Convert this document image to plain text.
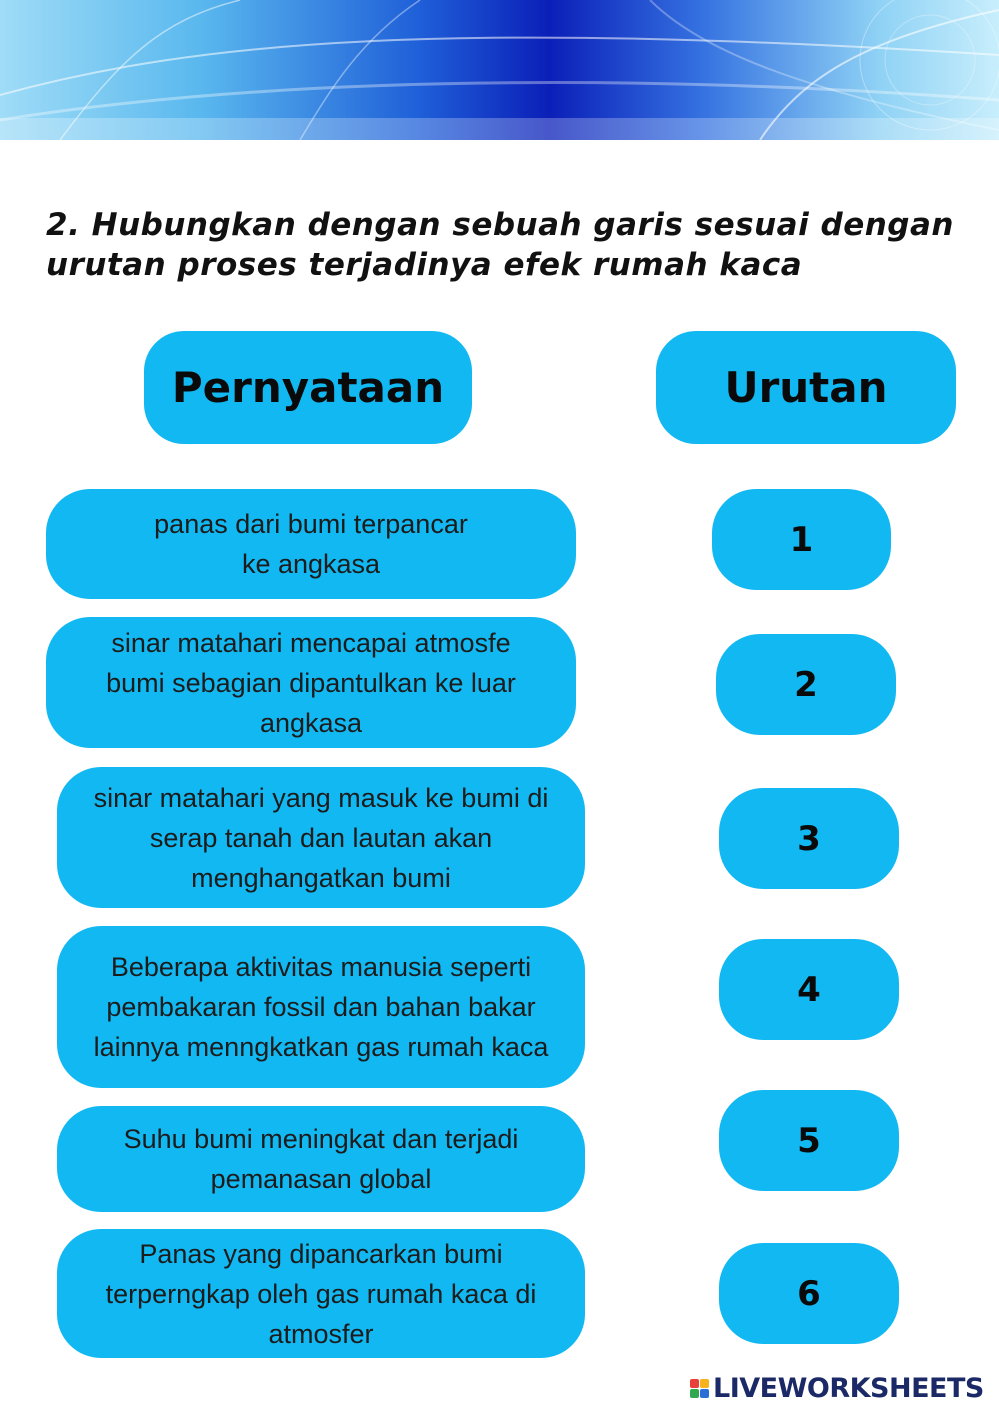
2. Hubungkan dengan sebuah garis sesuai dengan urutan proses terjadinya efek rumah kaca
Pernyataan	Urutan
panas dari bumi terpancar
ke angkasa
sinar matahari mencapai atmosfe
bumi sebagian dipantulkan ke luar
angkasa
sinar matahari yang masuk ke bumi di
serap tanah dan lautan akan
menghangatkan bumi
Beberapa aktivitas manusia seperti
pembakaran fossil dan bahan bakar
lainnya menngkatkan gas rumah kaca
Suhu bumi meningkat dan terjadi
pemanasan global
Panas yang dipancarkan bumi
terperngkap oleh gas rumah kaca di
atmosfer
1
2
3
4
5
6
LIVEWORKSHEETS
